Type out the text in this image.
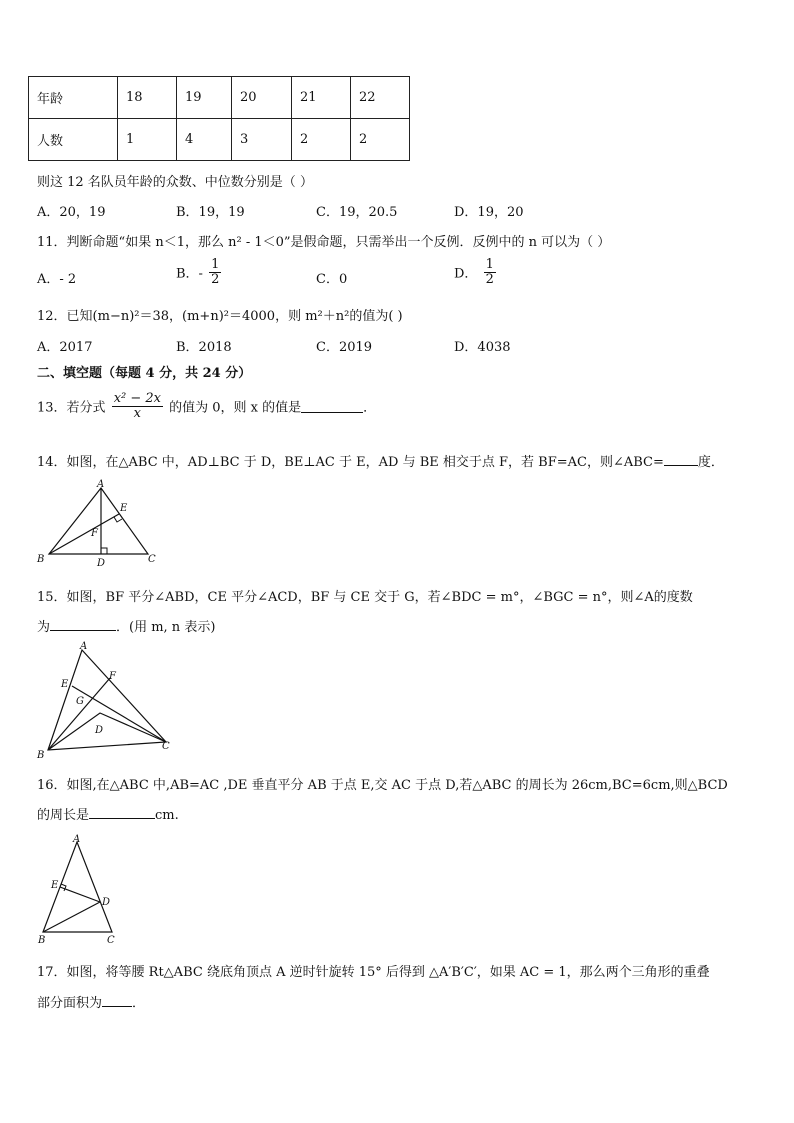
年龄	18	19	20	21	22
人数	1	4	3	2	2
则这 12 名队员年龄的众数、中位数分别是（ ）
A．20，19	B．19，19	C．19，20.5	D．19，20
11．判断命题“如果 n＜1，那么 n² - 1＜0”是假命题，只需举出一个反例．反例中的 n 可以为（ ）
A．- 2	B．- $\frac{1}{2}$	C．0	D． $\frac{1}{2}$
12．已知(m−n)²＝38，(m+n)²＝4000，则 m²＋n²的值为( )
A．2017	B．2018	C．2019	D．4038
二、填空题（每题 4 分，共 24 分）
13．若分式 $\frac{\text{x² − 2x}}{x}$ 的值为 0，则 x 的值是	．
14．如图，在△ABC 中，AD⊥BC 于 D，BE⊥AC 于 E，AD 与 BE 相交于点 F，若 BF=AC，则∠ABC=	度．
A
B	C
D
E
F
15．如图，BF 平分∠ABD，CE 平分∠ACD，BF 与 CE 交于 G，若∠BDC = m°，∠BGC = n°，则∠A的度数
为	．(用 m, n 表示)
A
B
C
D
E
F
G
16．如图,在△ABC 中,AB=AC ,DE 垂直平分 AB 于点 E,交 AC 于点 D,若△ABC 的周长为 26cm,BC=6cm,则△BCD
的周长是	cm.
A
B	C
D
E
17．如图，将等腰 Rt△ABC 绕底角顶点 A 逆时针旋转 15° 后得到 △A′B′C′，如果 AC = 1，那么两个三角形的重叠
部分面积为 ．
